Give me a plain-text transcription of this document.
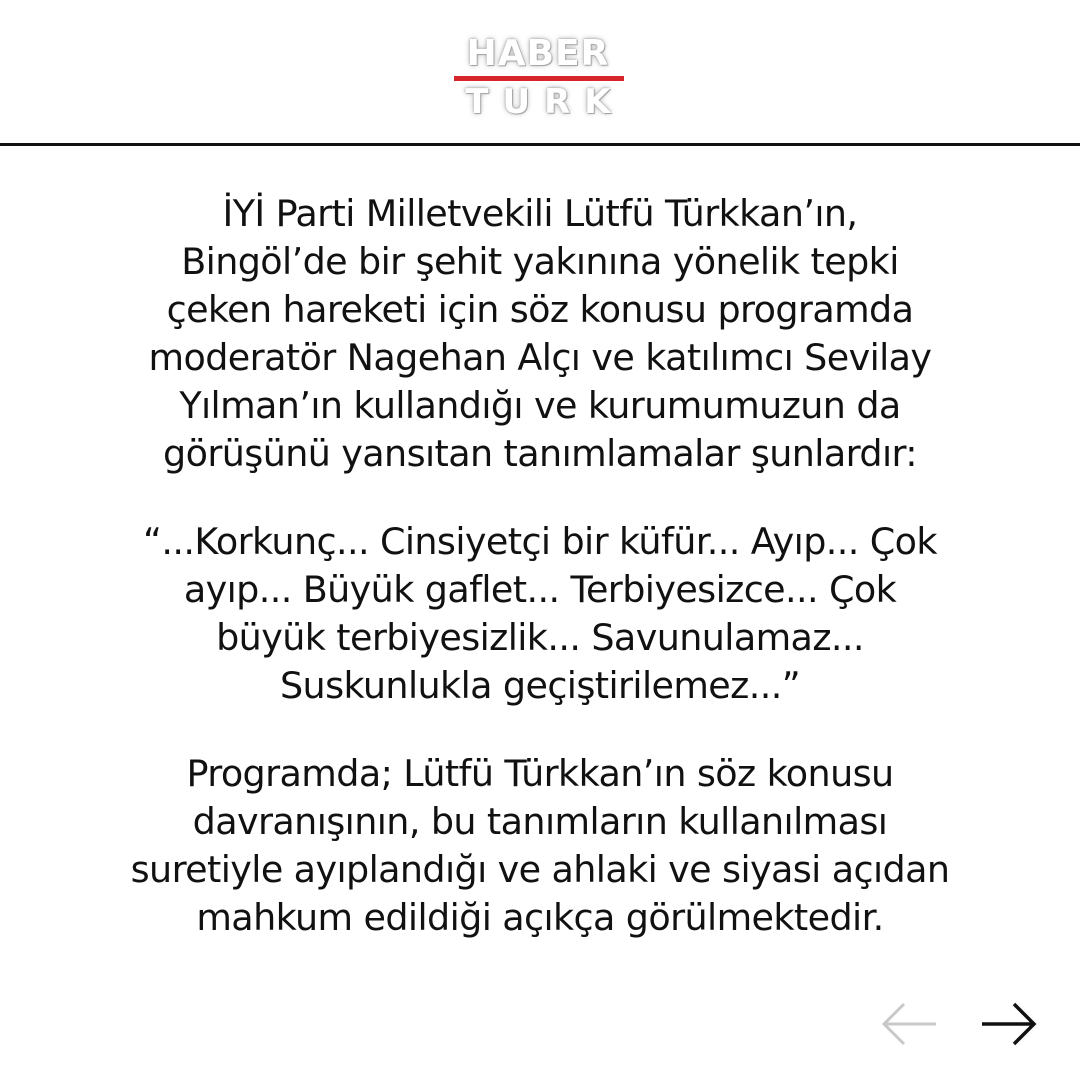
HABER
TURK

İYİ Parti Milletvekili Lütfü Türkkan’ın,
Bingöl’de bir şehit yakınına yönelik tepki
çeken hareketi için söz konusu programda
moderatör Nagehan Alçı ve katılımcı Sevilay
Yılman’ın kullandığı ve kurumumuzun da
görüşünü yansıtan tanımlamalar şunlardır:

“...Korkunç... Cinsiyetçi bir küfür... Ayıp... Çok
ayıp... Büyük gaflet... Terbiyesizce... Çok
büyük terbiyesizlik... Savunulamaz...
Suskunlukla geçiştirilemez...”

Programda; Lütfü Türkkan’ın söz konusu
davranışının, bu tanımların kullanılması
suretiyle ayıplandığı ve ahlaki ve siyasi açıdan
mahkum edildiği açıkça görülmektedir.
